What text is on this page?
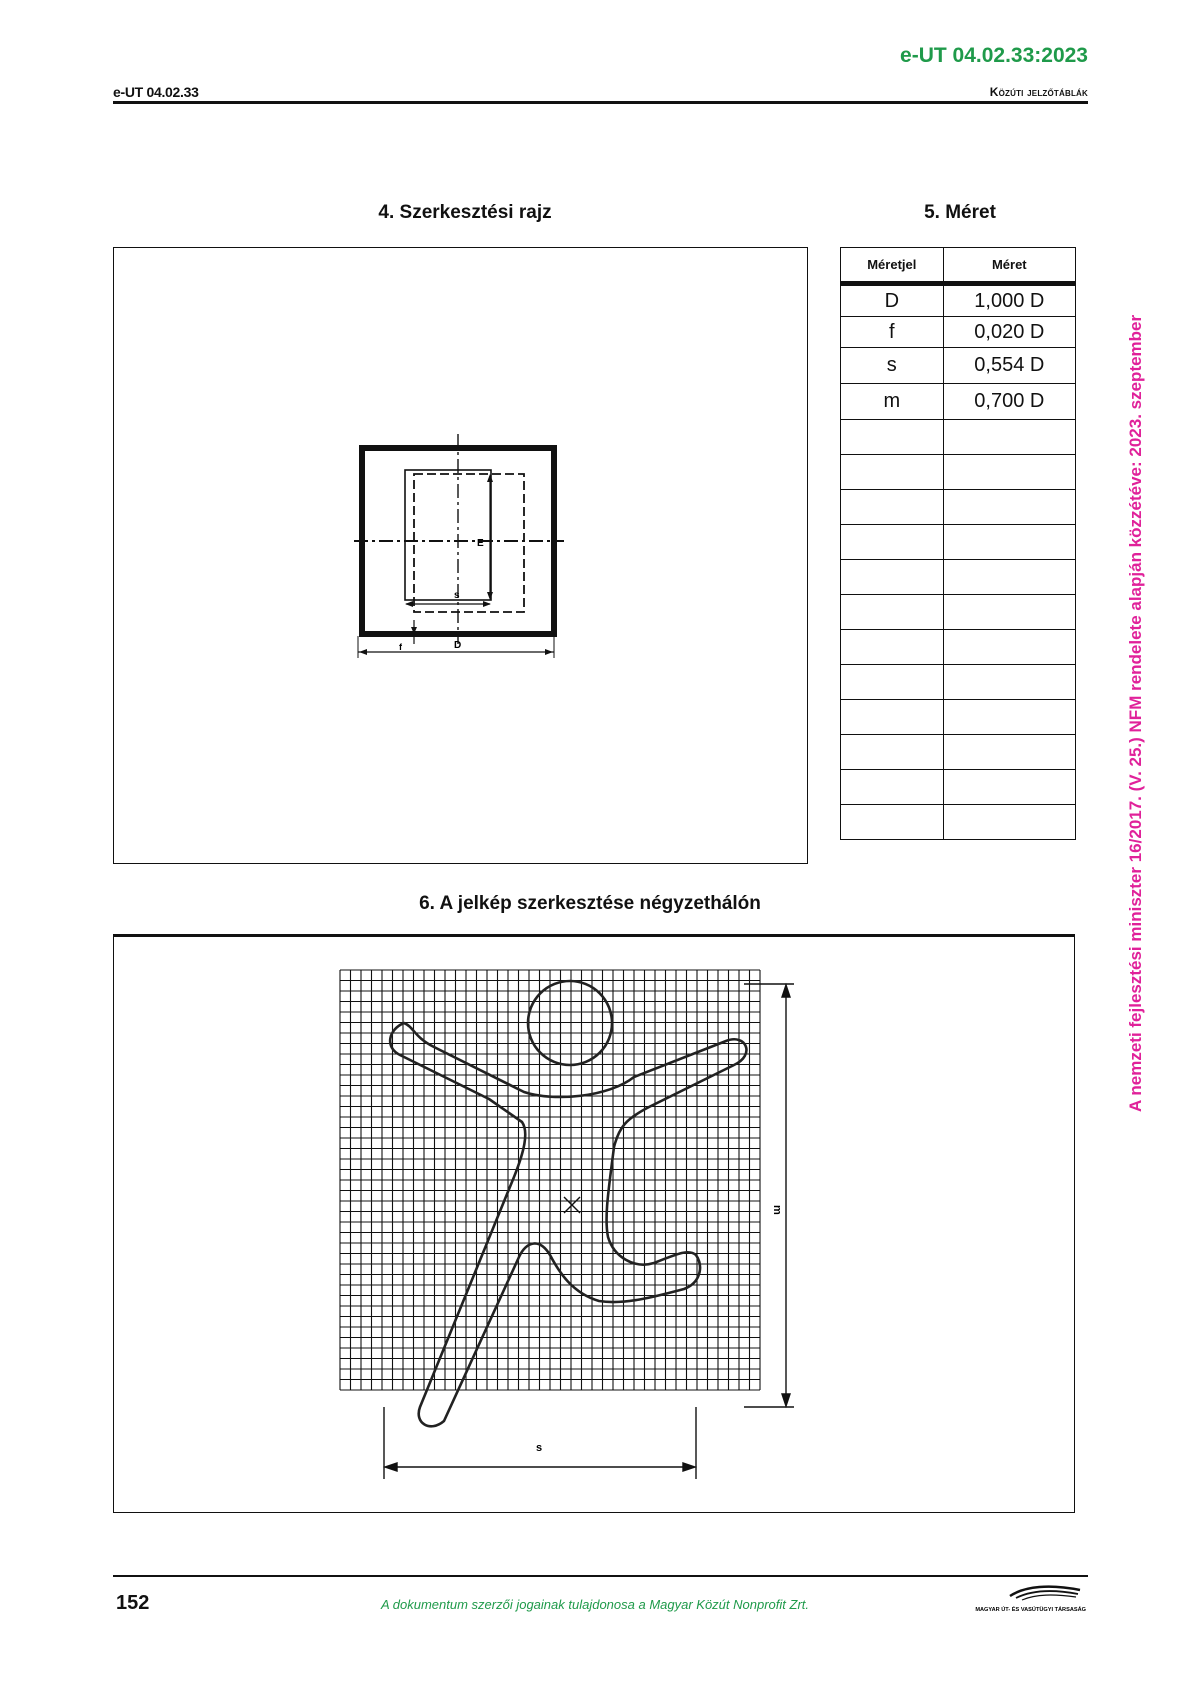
e-UT 04.02.33:2023
e-UT 04.02.33	Közúti jelzőtáblák
4. Szerkesztési rajz	5. Méret
E
s
f	D
Méretjel	Méret
D	1,000 D
f	0,020 D
s	0,554 D
m	0,700 D

6. A jelkép szerkesztése négyzethálón
m
s
A nemzeti fejlesztési miniszter 16/2017. (V. 25.) NFM rendelete alapján közzétéve: 2023. szeptember
152	A dokumentum szerzői jogainak tulajdonosa a Magyar Közút Nonprofit Zrt.	MAGYAR ÚT- ÉS VASÚTÜGYI TÁRSASÁG
